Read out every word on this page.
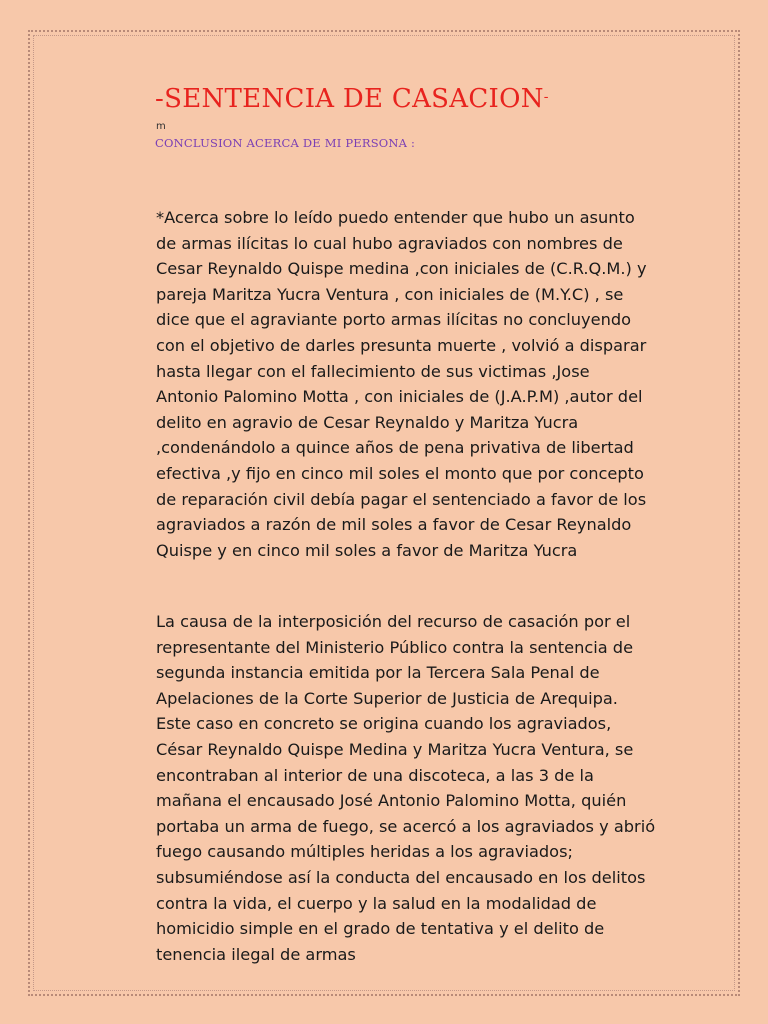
-SENTENCIA DE CASACION-
m
CONCLUSION ACERCA DE MI PERSONA :

*Acerca sobre lo leído puedo entender que hubo un asunto de armas ilícitas lo cual hubo agraviados con nombres de Cesar Reynaldo Quispe medina ,con iniciales de (C.R.Q.M.) y pareja Maritza Yucra Ventura , con iniciales de (M.Y.C) , se dice que el agraviante porto armas ilícitas no concluyendo con el objetivo de darles presunta muerte , volvió a disparar hasta llegar con el fallecimiento de sus victimas ,Jose Antonio Palomino Motta , con iniciales de (J.A.P.M) ,autor del delito en agravio de Cesar Reynaldo y Maritza Yucra ,condenándolo a quince años de pena privativa de libertad efectiva ,y fijo en cinco mil soles el monto que por concepto de reparación civil debía pagar el sentenciado a favor de los agraviados a razón de mil soles a favor de Cesar Reynaldo Quispe y en cinco mil soles a favor de Maritza Yucra

La causa de la interposición del recurso de casación por el representante del Ministerio Público contra la sentencia de segunda instancia emitida por la Tercera Sala Penal de Apelaciones de la Corte Superior de Justicia de Arequipa. Este caso en concreto se origina cuando los agraviados, César Reynaldo Quispe Medina y Maritza Yucra Ventura, se encontraban al interior de una discoteca, a las 3 de la mañana el encausado José Antonio Palomino Motta, quién portaba un arma de fuego, se acercó a los agraviados y abrió fuego causando múltiples heridas a los agraviados; subsumiéndose así la conducta del encausado en los delitos contra la vida, el cuerpo y la salud en la modalidad de homicidio simple en el grado de tentativa y el delito de tenencia ilegal de armas
